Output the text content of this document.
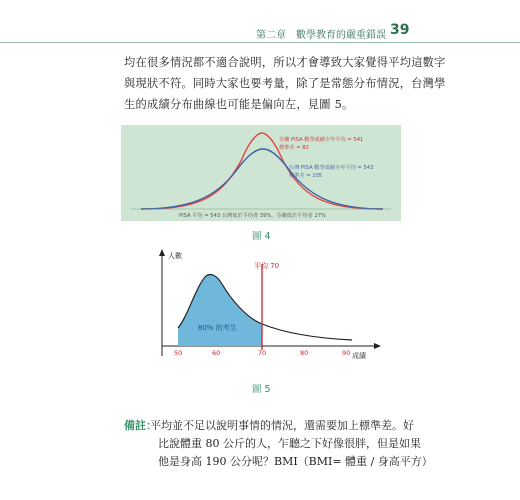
第二章　數學教育的嚴重錯誤 39
均在很多情況都不適合說明，所以才會導致大家覺得平均這數字
與現狀不符。同時大家也要考量，除了是常態分布情況，台灣學
生的成績分布曲線也可能是偏向左，見圖 5。
芬蘭 PISA 數學成績全年平均 = 541
標準差 = 82
台灣 PISA 數學成績全年平均 = 543
標準差 = 105
PISA 平均 = 543 台灣低於平均者 39%，芬蘭低於平均者 27%
圖 4
人數
成績
平均 70
80% 的考生
50	60	70	80	90
圖 5
備註：
平均並不足以說明事情的情況，還需要加上標準差。好
比說體重 80 公斤的人，乍聽之下好像很胖，但是如果
他是身高 190 公分呢？BMI（BMI= 體重 / 身高平方）
